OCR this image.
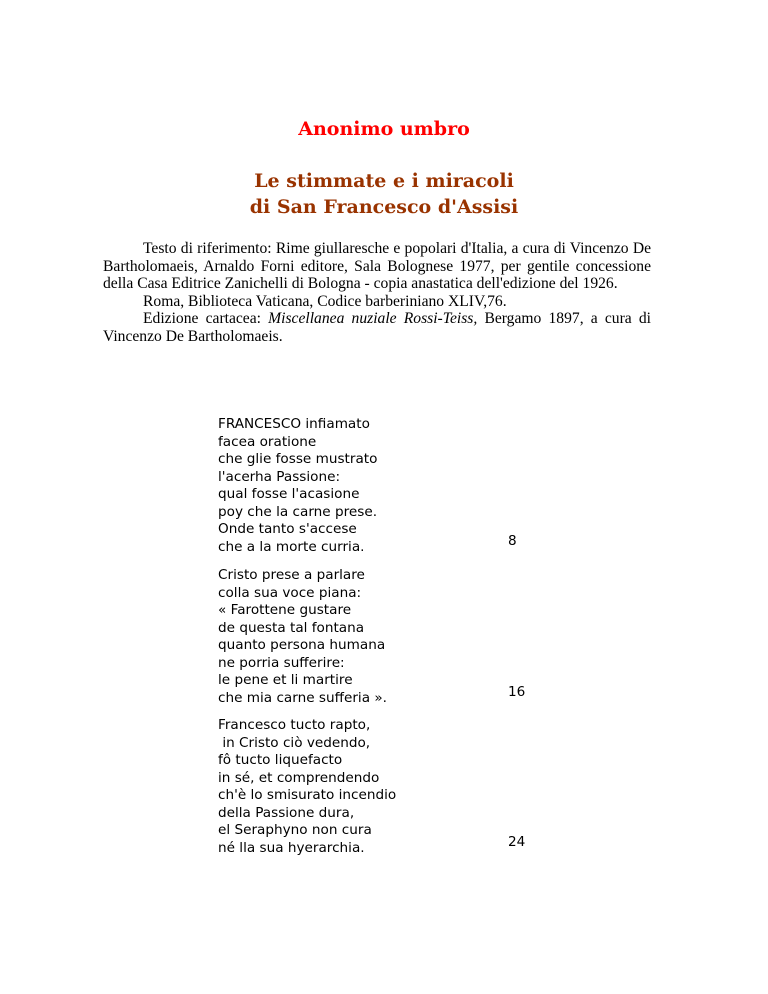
Anonimo umbro
Le stimmate e i miracoli
di San Francesco d'Assisi

Testo di riferimento: Rime giullaresche e popolari d'Italia, a cura di Vincenzo De Bartholomaeis, Arnaldo Forni editore, Sala Bolognese 1977, per gentile concessione della Casa Editrice Zanichelli di Bologna - copia anastatica dell'edizione del 1926.

Roma, Biblioteca Vaticana, Codice barberiniano XLIV,76.

Edizione cartacea: Miscellanea nuziale Rossi-Teiss, Bergamo 1897, a cura di Vincenzo De Bartholomaeis.

FRANCESCO infiamato
facea oratione
che glie fosse mustrato
l'acerha Passione:
qual fosse l'acasione
poy che la carne prese.
Onde tanto s'accese
che a la morte curria.	8
Cristo prese a parlare
colla sua voce piana:
« Farottene gustare
de questa tal fontana
quanto persona humana
ne porria sufferire:
le pene et li martire
che mia carne sufferia ».	16
Francesco tucto rapto,
in Cristo ciò vedendo,
fô tucto liquefacto
in sé, et comprendendo
ch'è lo smisurato incendio
della Passione dura,
el Seraphyno non cura
né lla sua hyerarchia.	24
